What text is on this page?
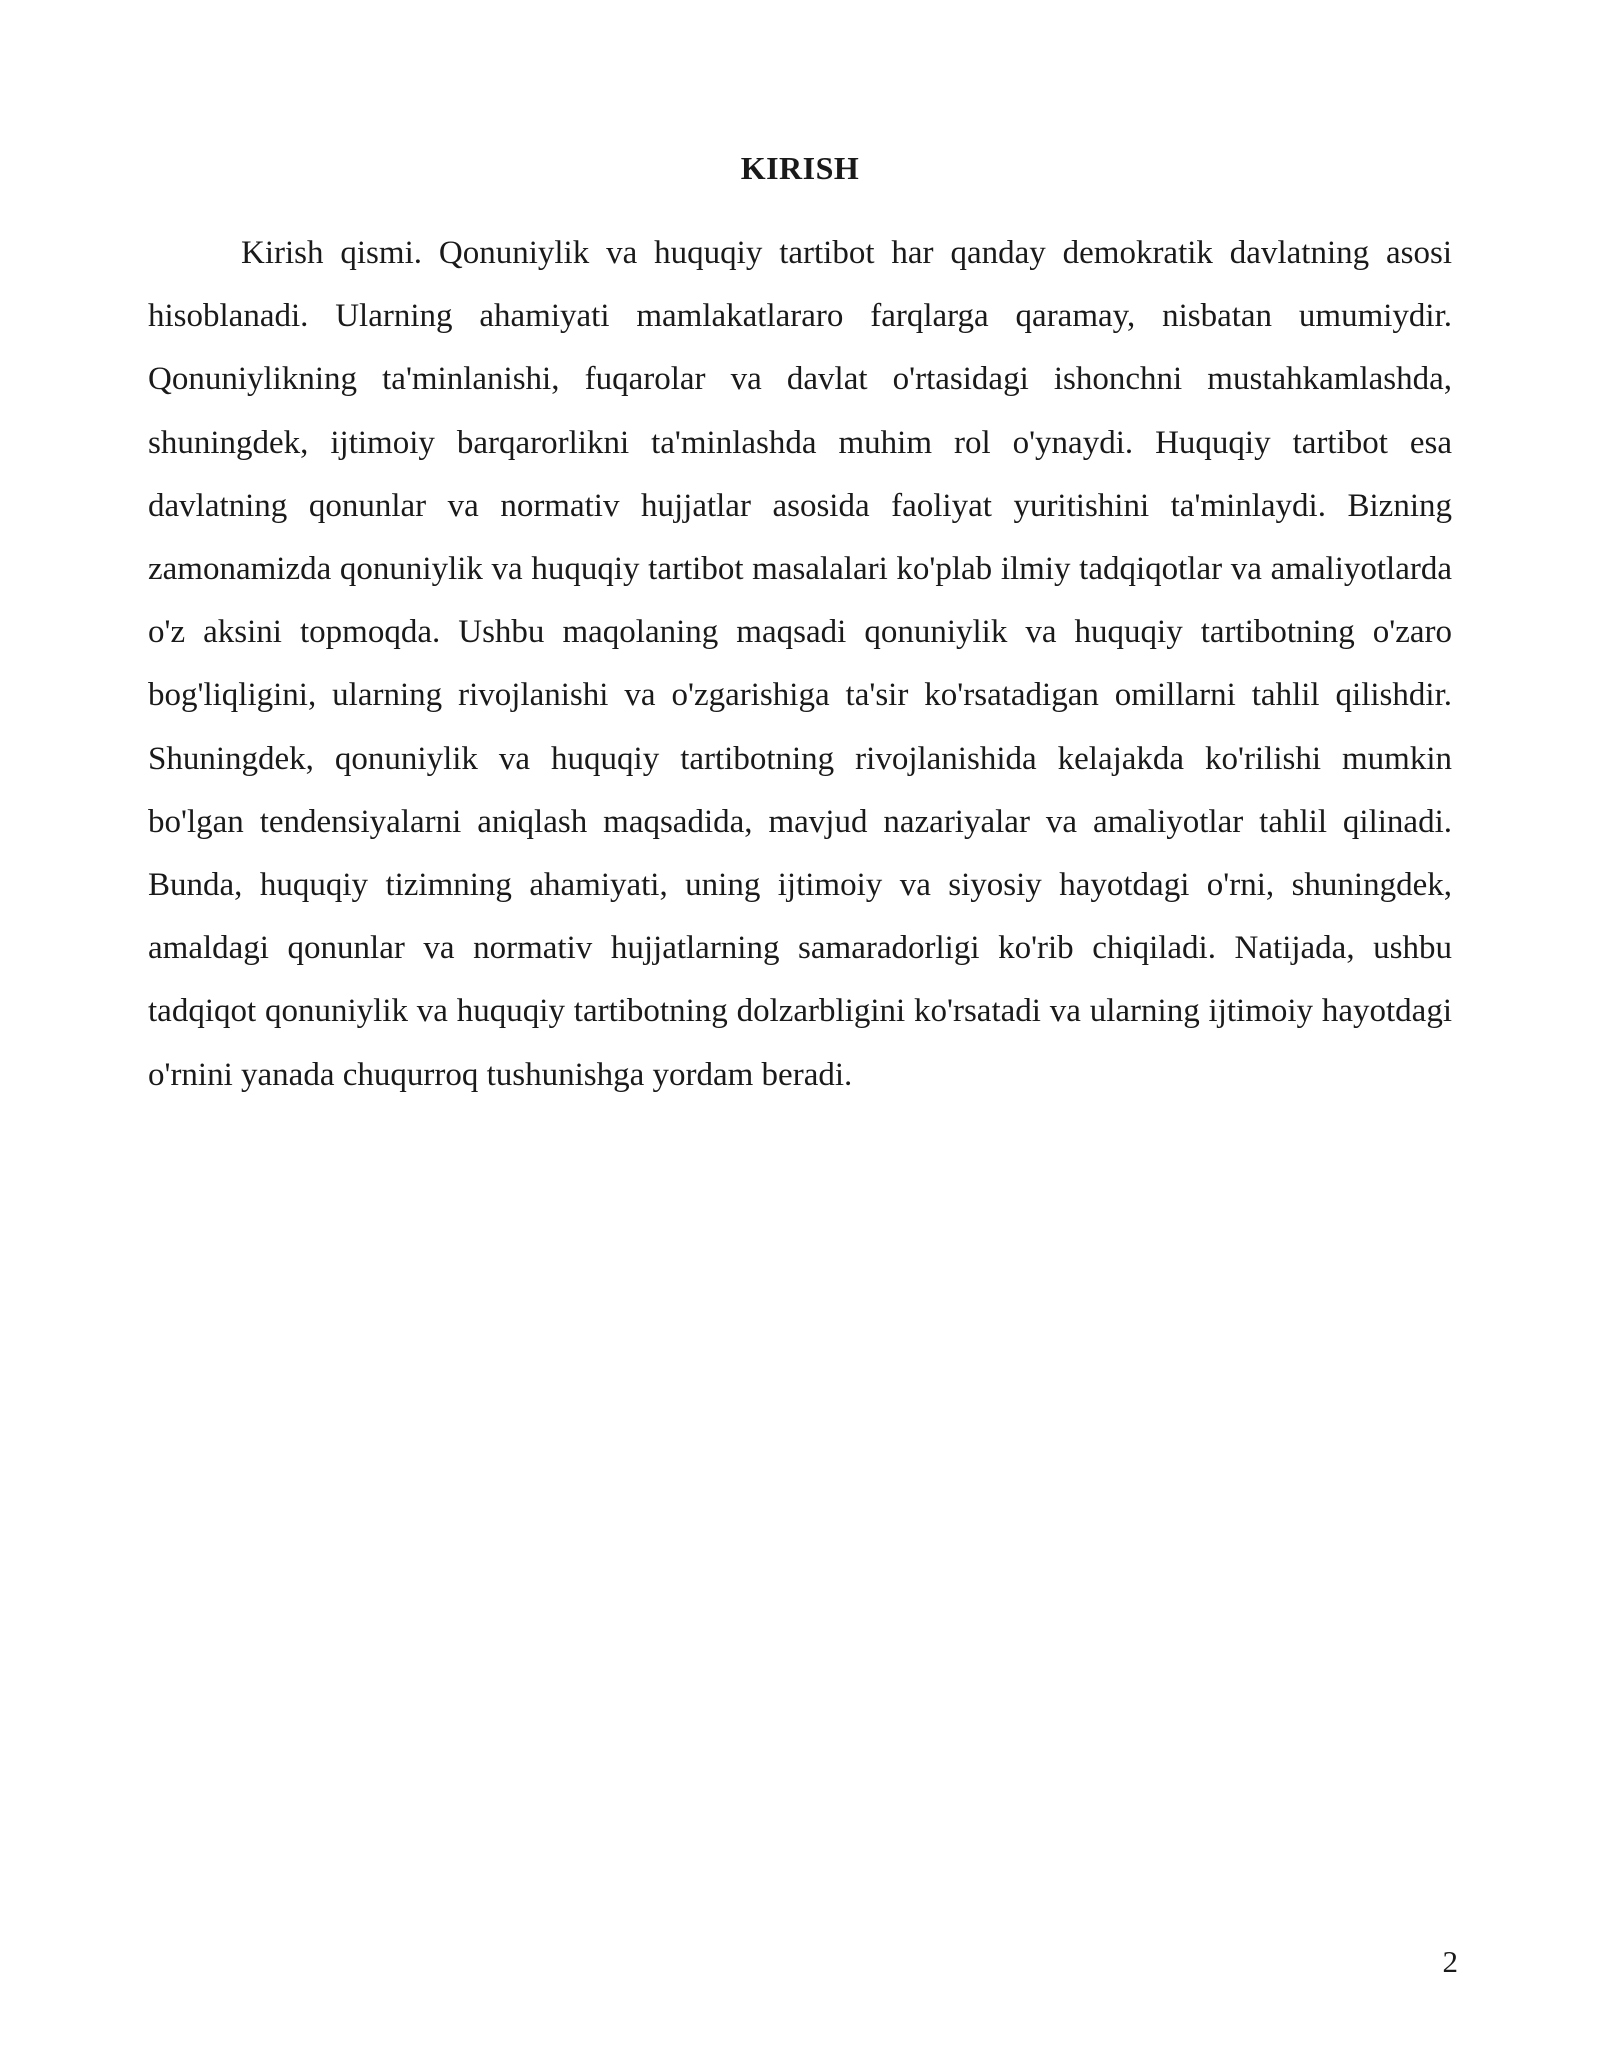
KIRISH

Kirish qismi. Qonuniylik va huquqiy tartibot har qanday demokratik davlatning asosi hisoblanadi. Ularning ahamiyati mamlakatlararo farqlarga qaramay, nisbatan umumiydir. Qonuniylikning ta'minlanishi, fuqarolar va davlat o'rtasidagi ishonchni mustahkamlashda, shuningdek, ijtimoiy barqarorlikni ta'minlashda muhim rol o'ynaydi. Huquqiy tartibot esa davlatning qonunlar va normativ hujjatlar asosida faoliyat yuritishini ta'minlaydi. Bizning zamonamizda qonuniylik va huquqiy tartibot masalalari ko'plab ilmiy tadqiqotlar va amaliyotlarda o'z aksini topmoqda. Ushbu maqolaning maqsadi qonuniylik va huquqiy tartibotning o'zaro bog'liqligini, ularning rivojlanishi va o'zgarishiga ta'sir ko'rsatadigan omillarni tahlil qilishdir. Shuningdek, qonuniylik va huquqiy tartibotning rivojlanishida kelajakda ko'rilishi mumkin bo'lgan tendensiyalarni aniqlash maqsadida, mavjud nazariyalar va amaliyotlar tahlil qilinadi. Bunda, huquqiy tizimning ahamiyati, uning ijtimoiy va siyosiy hayotdagi o'rni, shuningdek, amaldagi qonunlar va normativ hujjatlarning samaradorligi ko'rib chiqiladi. Natijada, ushbu tadqiqot qonuniylik va huquqiy tartibotning dolzarbligini ko'rsatadi va ularning ijtimoiy hayotdagi o'rnini yanada chuqurroq tushunishga yordam beradi.

2
